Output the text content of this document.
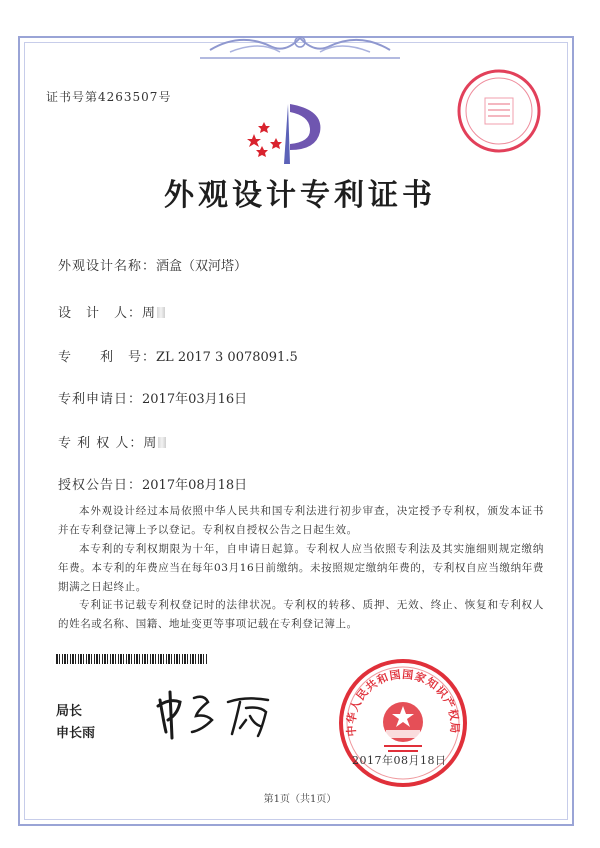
证书号第4263507号
外观设计专利证书
外观设计名称：酒盒（双河塔）
设　计　人：周
专　　利　号：ZL 2017 3 0078091.5
专利申请日：2017年03月16日
专 利 权 人：周
授权公告日：2017年08月18日
本外观设计经过本局依照中华人民共和国专利法进行初步审查，决定授予专利权，颁发本证书并在专利登记簿上予以登记。专利权自授权公告之日起生效。
本专利的专利权期限为十年，自申请日起算。专利权人应当依照专利法及其实施细则规定缴纳年费。本专利的年费应当在每年03月16日前缴纳。未按照规定缴纳年费的，专利权自应当缴纳年费期满之日起终止。
专利证书记载专利权登记时的法律状况。专利权的转移、质押、无效、终止、恢复和专利权人的姓名或名称、国籍、地址变更等事项记载在专利登记簿上。
局长
申长雨	中华人民共和国国家知识产权局
2017年08月18日
第1页（共1页）
